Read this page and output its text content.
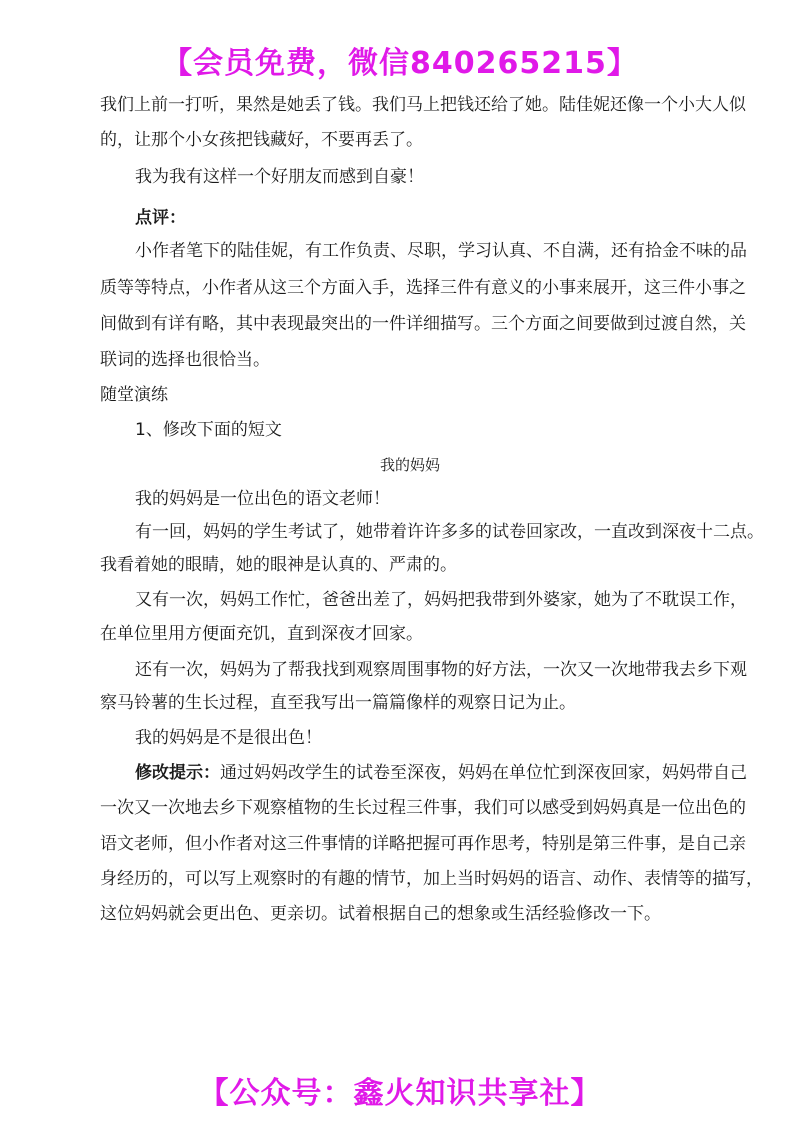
【会员免费，微信840265215】
我们上前一打听，果然是她丢了钱。我们马上把钱还给了她。陆佳妮还像一个小大人似
的，让那个小女孩把钱藏好，不要再丢了。
我为我有这样一个好朋友而感到自豪！
点评：
小作者笔下的陆佳妮，有工作负责、尽职，学习认真、不自满，还有拾金不味的品
质等等特点，小作者从这三个方面入手，选择三件有意义的小事来展开，这三件小事之
间做到有详有略，其中表现最突出的一件详细描写。三个方面之间要做到过渡自然，关
联词的选择也很恰当。
随堂演练
1、修改下面的短文
我的妈妈
我的妈妈是一位出色的语文老师！
有一回，妈妈的学生考试了，她带着许许多多的试卷回家改，一直改到深夜十二点。
我看着她的眼睛，她的眼神是认真的、严肃的。
又有一次，妈妈工作忙，爸爸出差了，妈妈把我带到外婆家，她为了不耽误工作，
在单位里用方便面充饥，直到深夜才回家。
还有一次，妈妈为了帮我找到观察周围事物的好方法，一次又一次地带我去乡下观
察马铃薯的生长过程，直至我写出一篇篇像样的观察日记为止。
我的妈妈是不是很出色！
修改提示：通过妈妈改学生的试卷至深夜，妈妈在单位忙到深夜回家，妈妈带自己
一次又一次地去乡下观察植物的生长过程三件事，我们可以感受到妈妈真是一位出色的
语文老师，但小作者对这三件事情的详略把握可再作思考，特别是第三件事，是自己亲
身经历的，可以写上观察时的有趣的情节，加上当时妈妈的语言、动作、表情等的描写，
这位妈妈就会更出色、更亲切。试着根据自己的想象或生活经验修改一下。
【公众号：鑫火知识共享社】
